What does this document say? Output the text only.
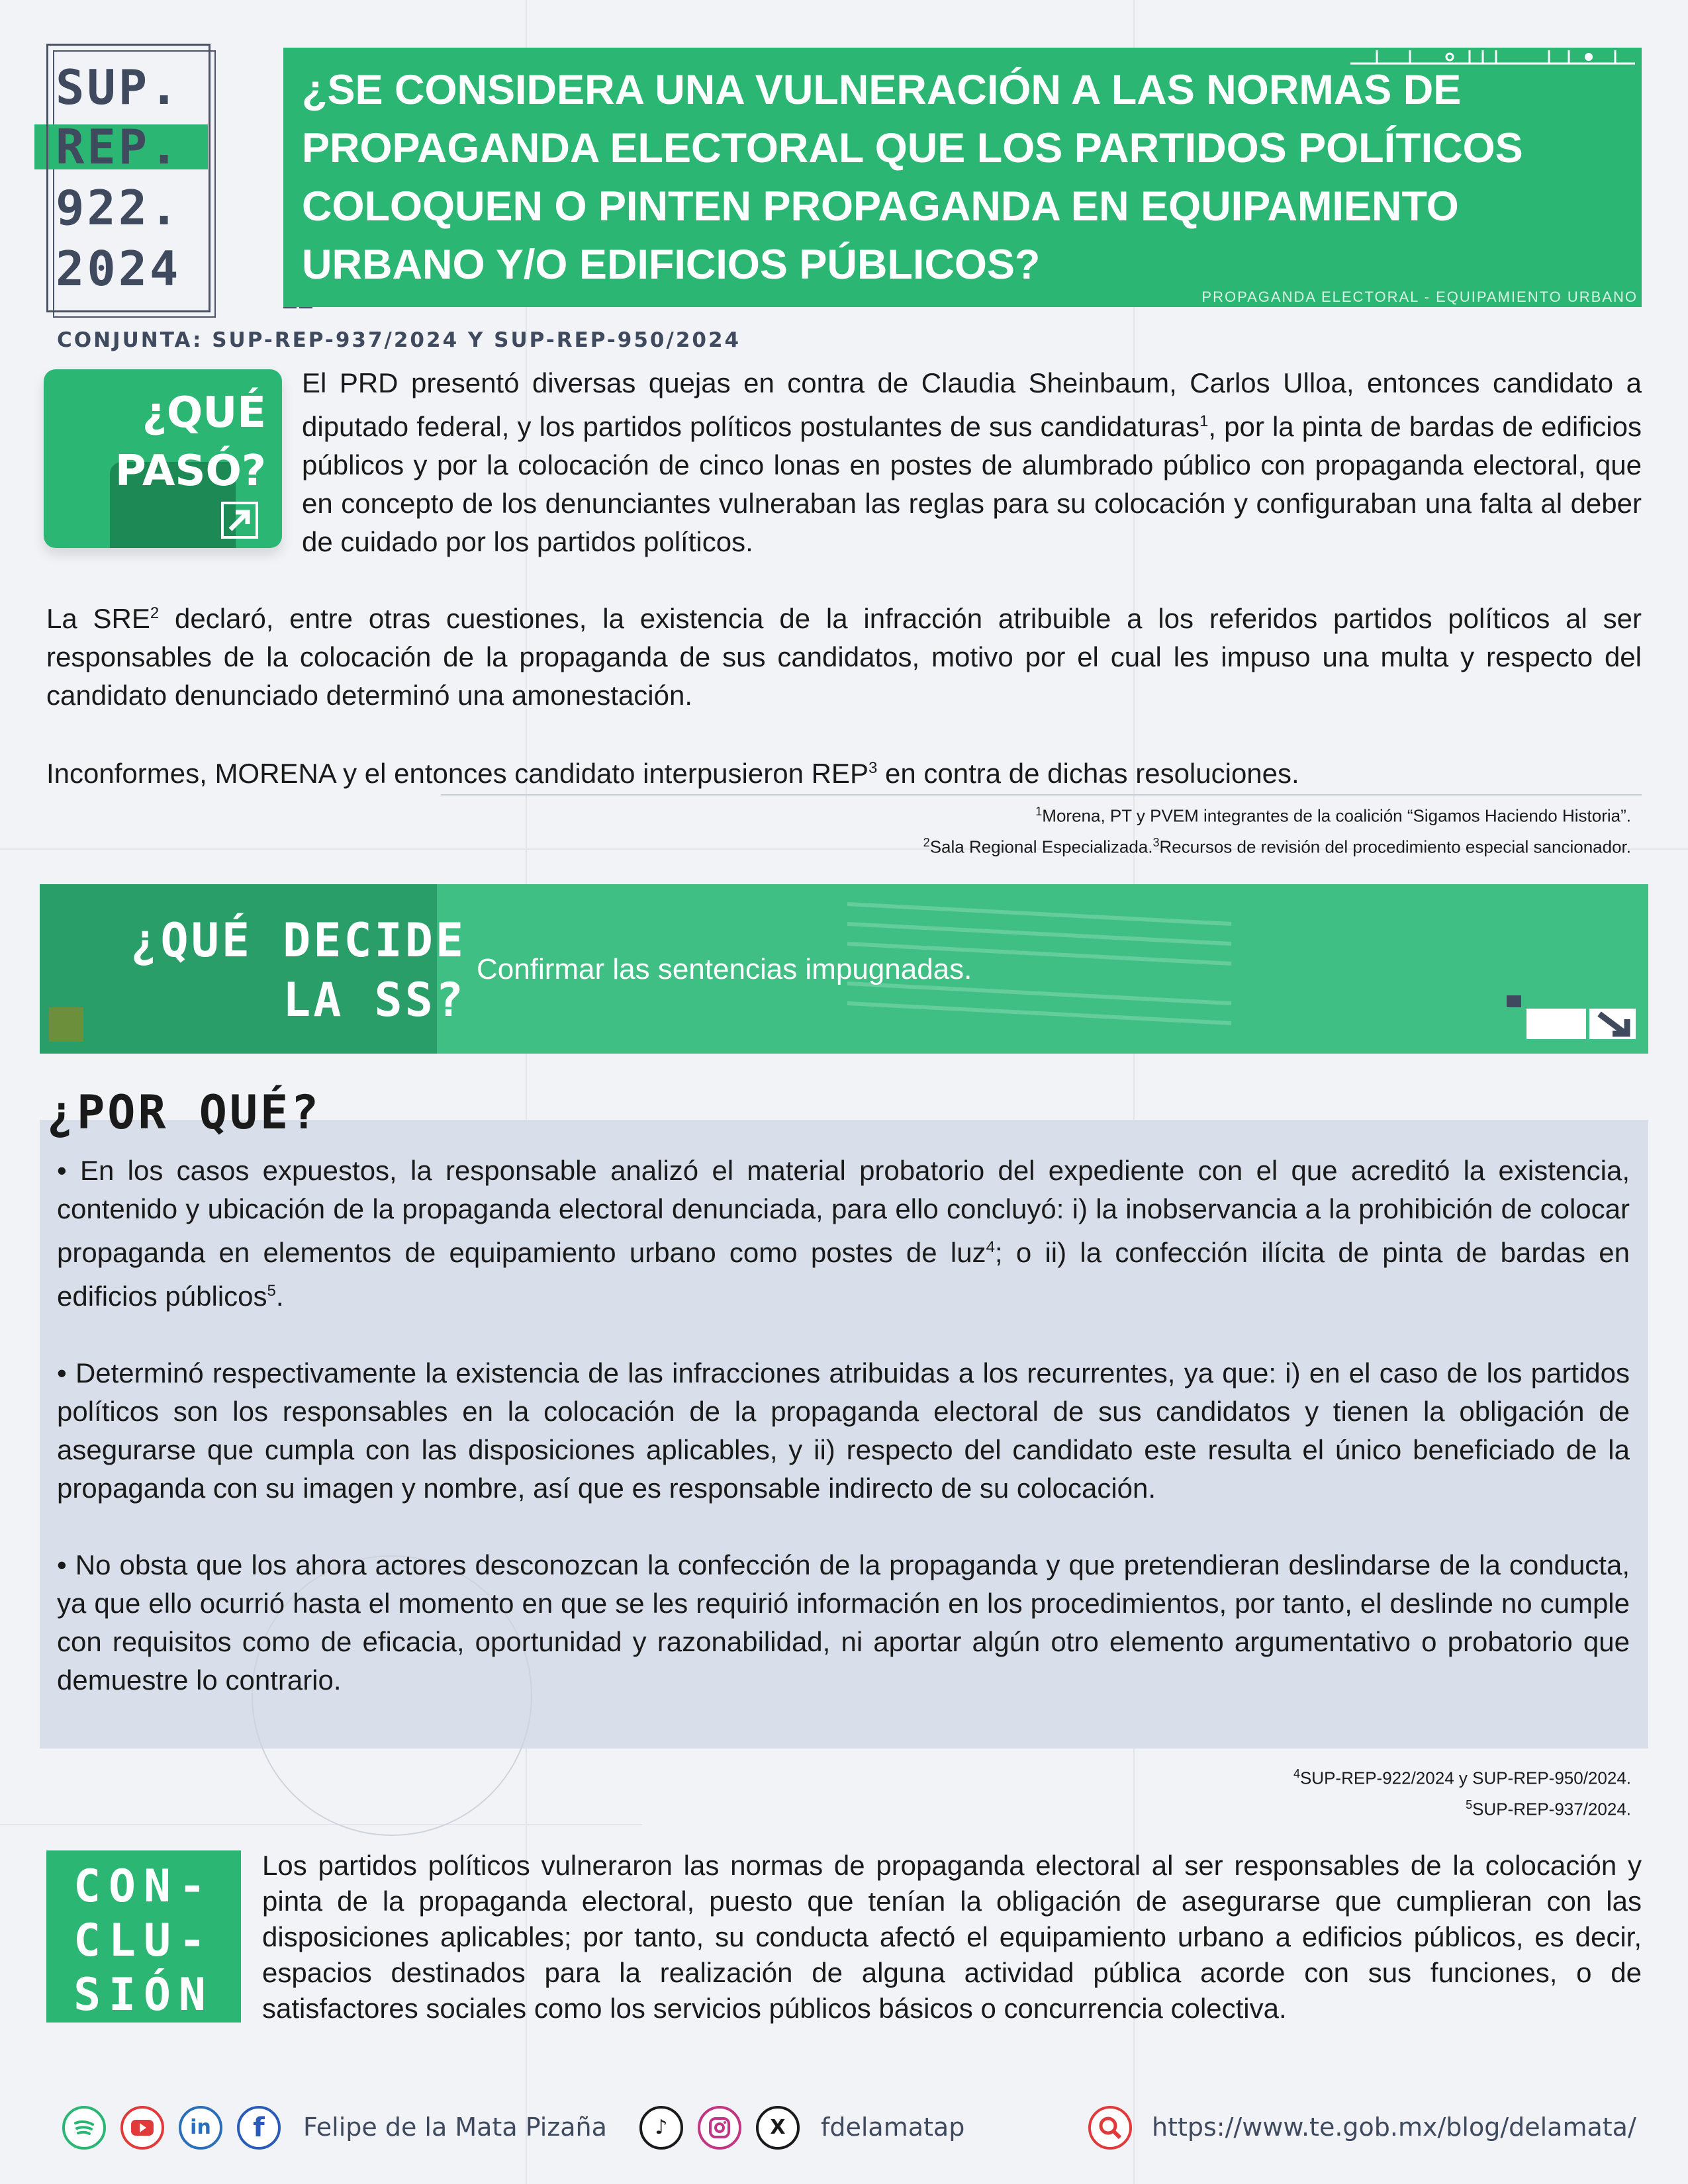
SUP.
REP.
922.
2024
¿SE CONSIDERA UNA VULNERACIÓN A LAS NORMAS DE PROPAGANDA ELECTORAL QUE LOS PARTIDOS POLÍTICOS COLOQUEN O PINTEN PROPAGANDA EN EQUIPAMIENTO URBANO Y/O EDIFICIOS PÚBLICOS?
PROPAGANDA ELECTORAL - EQUIPAMIENTO URBANO
CONJUNTA: SUP-REP-937/2024 Y SUP-REP-950/2024
¿QUÉ
PASÓ?
El PRD presentó diversas quejas en contra de Claudia Sheinbaum, Carlos Ulloa, entonces candidato a diputado federal, y los partidos políticos postulantes de sus candidaturas$^1$, por la pinta de bardas de edificios públicos y por la colocación de cinco lonas en postes de alumbrado público con propaganda electoral, que en concepto de los denunciantes vulneraban las reglas para su colocación y configuraban una falta al deber de cuidado por los partidos políticos.
La SRE$^2$ declaró, entre otras cuestiones, la existencia de la infracción atribuible a los referidos partidos políticos al ser responsables de la colocación de la propaganda de sus candidatos, motivo por el cual les impuso una multa y respecto del candidato denunciado determinó una amonestación.
Inconformes, MORENA y el entonces candidato interpusieron REP$^3$ en contra de dichas resoluciones.
$^1$Morena, PT y PVEM integrantes de la coalición “Sigamos Haciendo Historia”.
$^2$Sala Regional Especializada.$^3$Recursos de revisión del procedimiento especial sancionador.
¿QUÉ DECIDE
LA SS?
Confirmar las sentencias impugnadas.
¿POR QUÉ?

• En los casos expuestos, la responsable analizó el material probatorio del expediente con el que acreditó la existencia, contenido y ubicación de la propaganda electoral denunciada, para ello concluyó: i) la inobservancia a la prohibición de colocar propaganda en elementos de equipamiento urbano como postes de luz$^4$; o ii) la confección ilícita de pinta de bardas en edificios públicos$^5$.

• Determinó respectivamente la existencia de las infracciones atribuidas a los recurrentes, ya que: i) en el caso de los partidos políticos son los responsables en la colocación de la propaganda electoral de sus candidatos y tienen la obligación de asegurarse que cumpla con las disposiciones aplicables, y ii) respecto del candidato este resulta el único beneficiado de la propaganda con su imagen y nombre, así que es responsable indirecto de su colocación.

• No obsta que los ahora actores desconozcan la confección de la propaganda y que pretendieran deslindarse de la conducta, ya que ello ocurrió hasta el momento en que se les requirió información en los procedimientos, por tanto, el deslinde no cumple con requisitos como de eficacia, oportunidad y razonabilidad, ni aportar algún otro elemento argumentativo o probatorio que demuestre lo contrario.

$^4$SUP-REP-922/2024 y SUP-REP-950/2024.
$^5$SUP-REP-937/2024.
CON-
CLU-
SIÓN
Los partidos políticos vulneraron las normas de propaganda electoral al ser responsables de la colocación y pinta de la propaganda electoral, puesto que tenían la obligación de asegurarse que cumplieran con las disposiciones aplicables; por tanto, su conducta afectó el equipamiento urbano a edificios públicos, es decir, espacios destinados para la realización de alguna actividad pública acorde con sus funciones, o de satisfactores sociales como los servicios públicos básicos o concurrencia colectiva.
in	f	Felipe de la Mata Pizaña	♪	X	fdelamatap	https://www.te.gob.mx/blog/delamata/
